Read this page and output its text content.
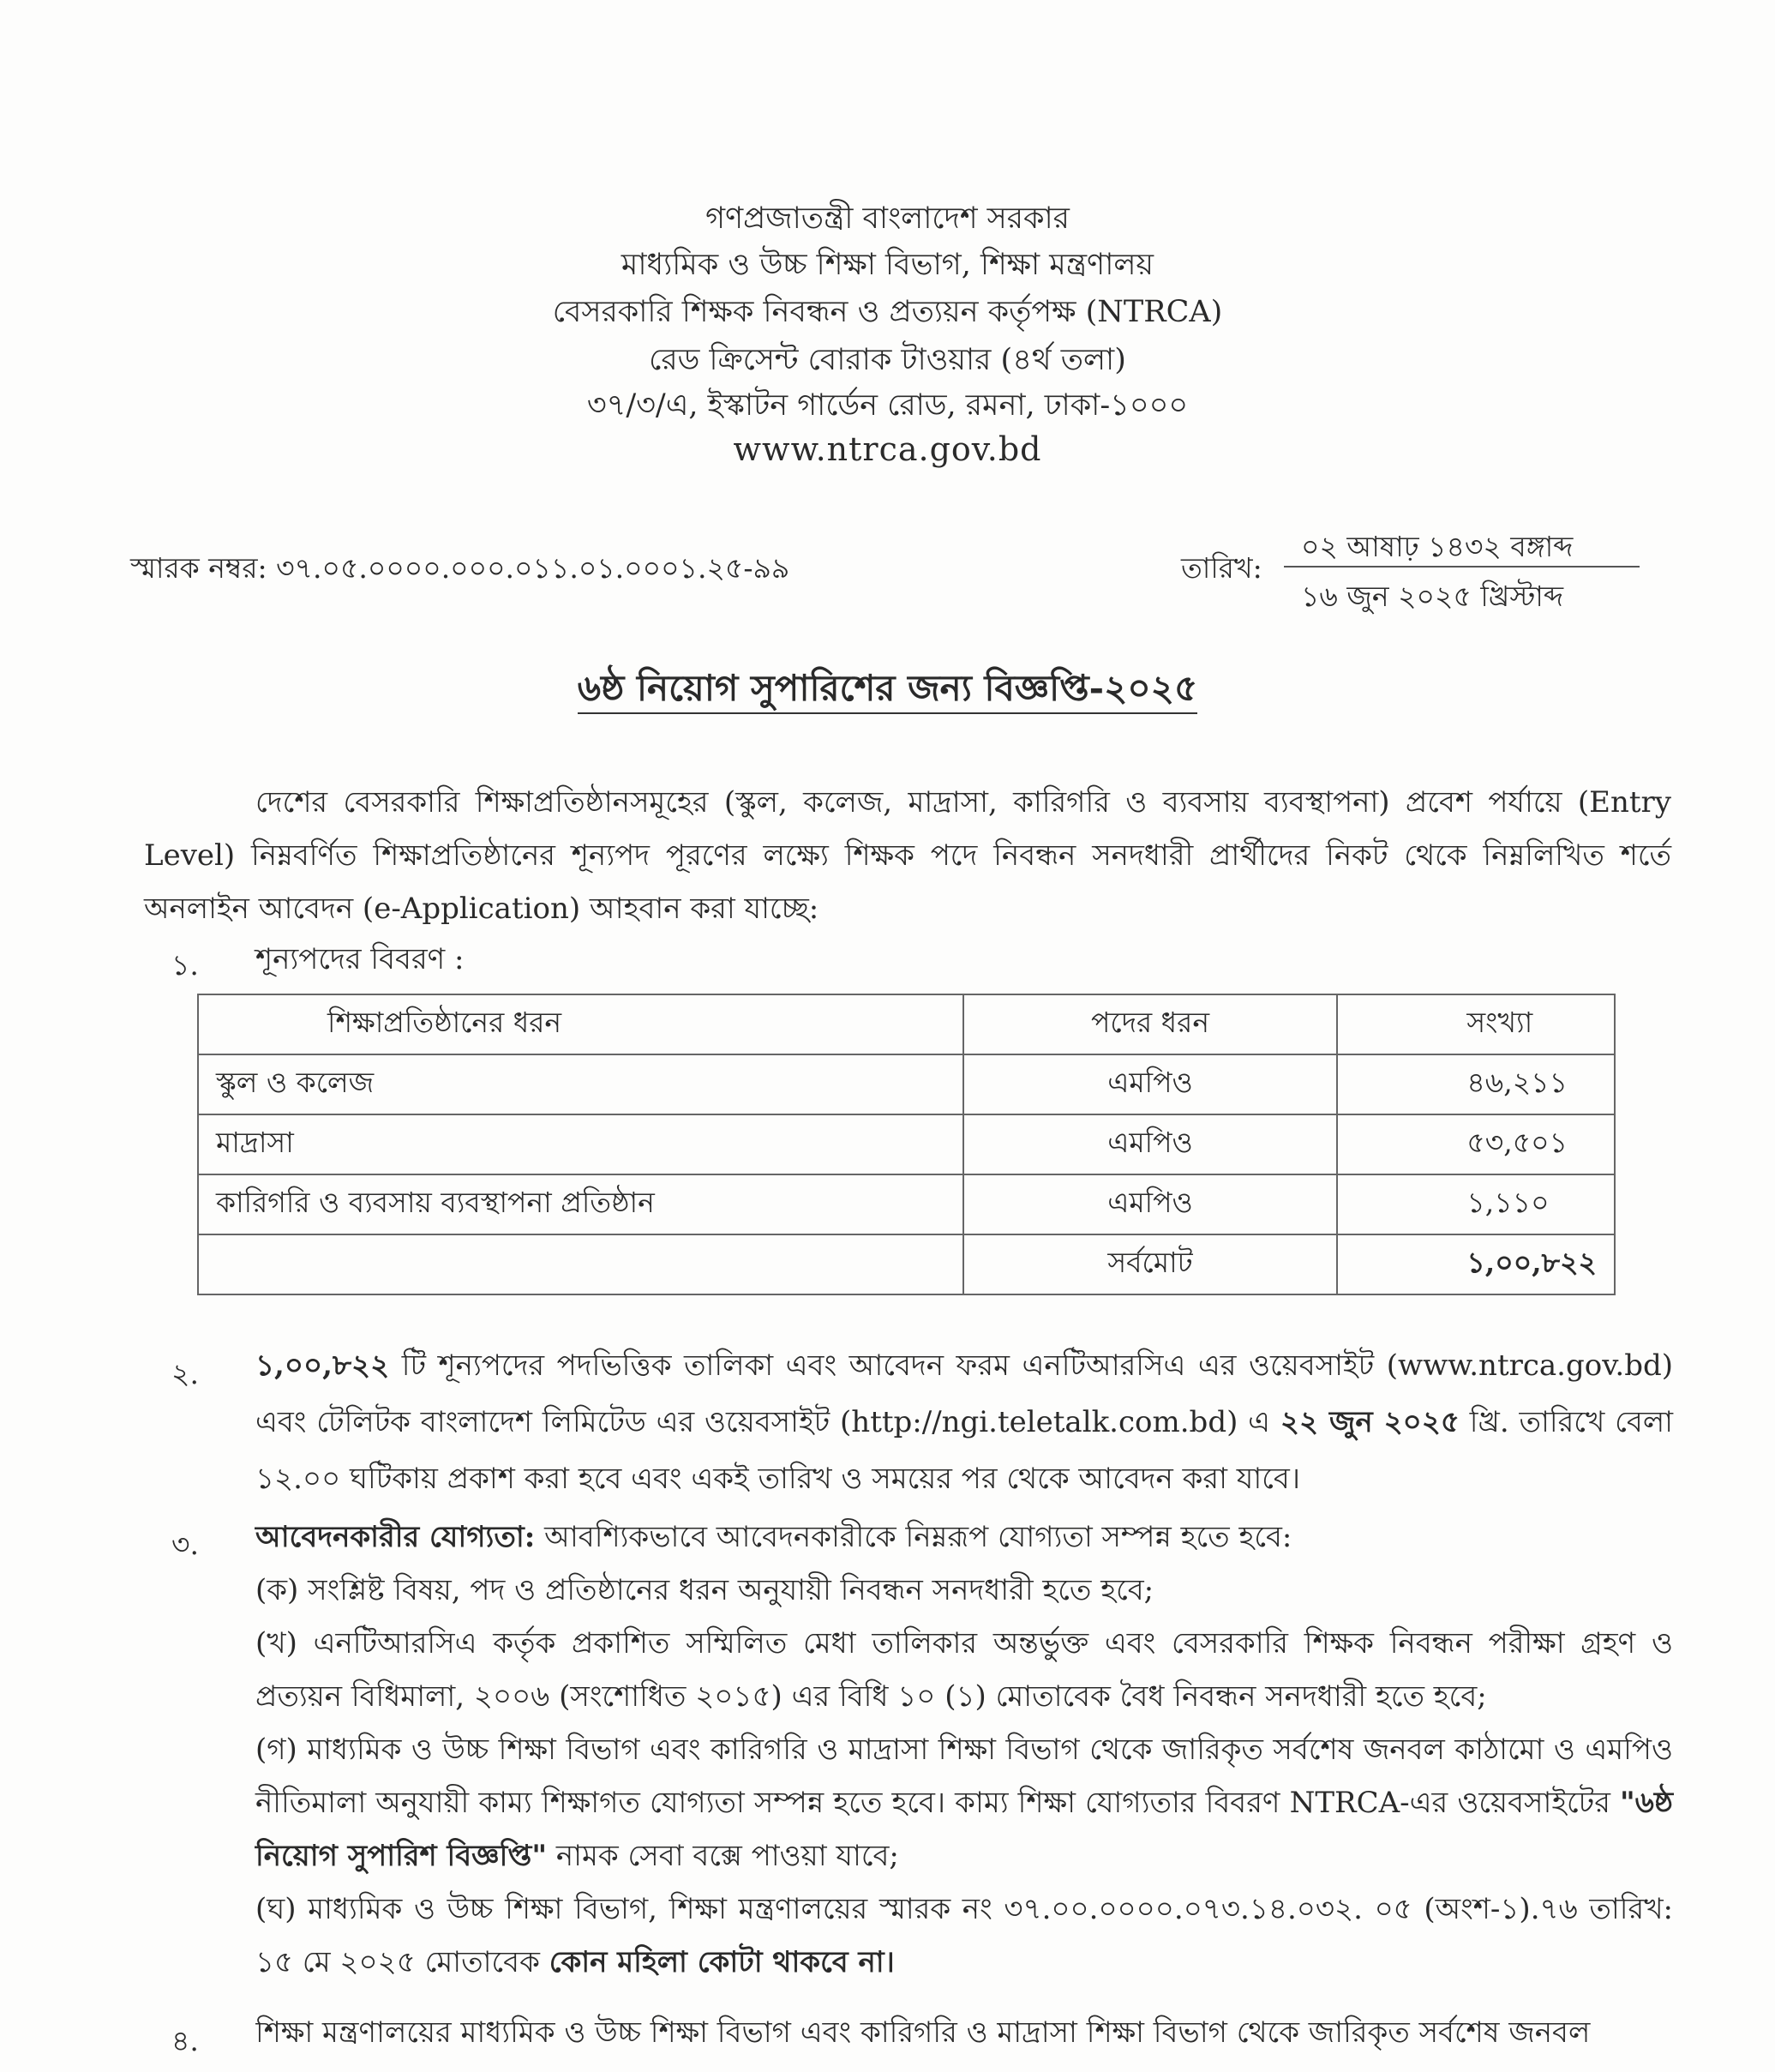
গণপ্রজাতন্ত্রী বাংলাদেশ সরকার
মাধ্যমিক ও উচ্চ শিক্ষা বিভাগ, শিক্ষা মন্ত্রণালয়
বেসরকারি শিক্ষক নিবন্ধন ও প্রত্যয়ন কর্তৃপক্ষ (NTRCA)
রেড ক্রিসেন্ট বোরাক টাওয়ার (৪র্থ তলা)
৩৭/৩/এ, ইস্কাটন গার্ডেন রোড, রমনা, ঢাকা-১০০০
www.ntrca.gov.bd
স্মারক নম্বর: ৩৭.০৫.০০০০.০০০.০১১.০১.০০০১.২৫-৯৯	তারিখ:
০২ আষাঢ় ১৪৩২ বঙ্গাব্দ
১৬ জুন ২০২৫ খ্রিস্টাব্দ
৬ষ্ঠ নিয়োগ সুপারিশের জন্য বিজ্ঞপ্তি-২০২৫
দেশের বেসরকারি শিক্ষাপ্রতিষ্ঠানসমূহের (স্কুল, কলেজ, মাদ্রাসা, কারিগরি ও ব্যবসায় ব্যবস্থাপনা) প্রবেশ পর্যায়ে (Entry Level) নিম্নবর্ণিত শিক্ষাপ্রতিষ্ঠানের শূন্যপদ পূরণের লক্ষ্যে শিক্ষক পদে নিবন্ধন সনদধারী প্রার্থীদের নিকট থেকে নিম্নলিখিত শর্তে অনলাইন আবেদন (e-Application) আহবান করা যাচ্ছে:
১. শূন্যপদের বিবরণ :
শিক্ষাপ্রতিষ্ঠানের ধরন	পদের ধরন	সংখ্যা
স্কুল ও কলেজ	এমপিও	৪৬,২১১
মাদ্রাসা	এমপিও	৫৩,৫০১
কারিগরি ও ব্যবসায় ব্যবস্থাপনা প্রতিষ্ঠান	এমপিও	১,১১০
	সর্বমোট	১,০০,৮২২
২. ১,০০,৮২২ টি শূন্যপদের পদভিত্তিক তালিকা এবং আবেদন ফরম এনটিআরসিএ এর ওয়েবসাইট (www.ntrca.gov.bd) এবং টেলিটক বাংলাদেশ লিমিটেড এর ওয়েবসাইট (http://ngi.teletalk.com.bd) এ ২২ জুন ২০২৫ খ্রি. তারিখে বেলা ১২.০০ ঘটিকায় প্রকাশ করা হবে এবং একই তারিখ ও সময়ের পর থেকে আবেদন করা যাবে।
৩. আবেদনকারীর যোগ্যতা: আবশ্যিকভাবে আবেদনকারীকে নিম্নরূপ যোগ্যতা সম্পন্ন হতে হবে:
(ক) সংশ্লিষ্ট বিষয়, পদ ও প্রতিষ্ঠানের ধরন অনুযায়ী নিবন্ধন সনদধারী হতে হবে;
(খ) এনটিআরসিএ কর্তৃক প্রকাশিত সম্মিলিত মেধা তালিকার অন্তর্ভুক্ত এবং বেসরকারি শিক্ষক নিবন্ধন পরীক্ষা গ্রহণ ও প্রত্যয়ন বিধিমালা, ২০০৬ (সংশোধিত ২০১৫) এর বিধি ১০ (১) মোতাবেক বৈধ নিবন্ধন সনদধারী হতে হবে;
(গ) মাধ্যমিক ও উচ্চ শিক্ষা বিভাগ এবং কারিগরি ও মাদ্রাসা শিক্ষা বিভাগ থেকে জারিকৃত সর্বশেষ জনবল কাঠামো ও এমপিও নীতিমালা অনুযায়ী কাম্য শিক্ষাগত যোগ্যতা সম্পন্ন হতে হবে। কাম্য শিক্ষা যোগ্যতার বিবরণ NTRCA-এর ওয়েবসাইটের "৬ষ্ঠ নিয়োগ সুপারিশ বিজ্ঞপ্তি" নামক সেবা বক্সে পাওয়া যাবে;
(ঘ) মাধ্যমিক ও উচ্চ শিক্ষা বিভাগ, শিক্ষা মন্ত্রণালয়ের স্মারক নং ৩৭.০০.০০০০.০৭৩.১৪.০৩২. ০৫ (অংশ-১).৭৬ তারিখ: ১৫ মে ২০২৫ মোতাবেক কোন মহিলা কোটা থাকবে না।
৪. শিক্ষা মন্ত্রণালয়ের মাধ্যমিক ও উচ্চ শিক্ষা বিভাগ এবং কারিগরি ও মাদ্রাসা শিক্ষা বিভাগ থেকে জারিকৃত সর্বশেষ জনবল
